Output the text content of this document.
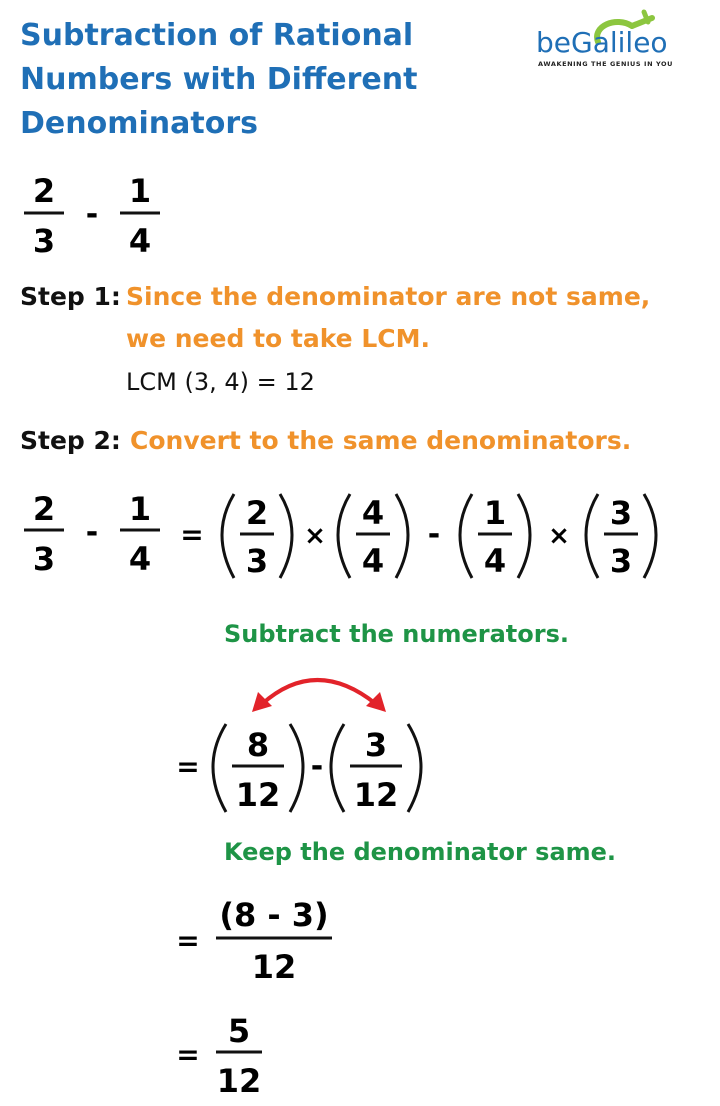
Subtraction of Rational Numbers with Different Denominators
beGalileo
AWAKENING THE GENIUS IN YOU
2
3
-
1
4
Step 1: Since the denominator are not same,
we need to take LCM.
LCM (3, 4) = 12
Step 2: Convert to the same denominators.
2
3
-
1
4
=
2
3
×
4
4
-
1
4
×
3
3
Subtract the numerators.
=
8
12
-
3
12
Keep the denominator same.
=
(8 - 3)
12
=
5
12
